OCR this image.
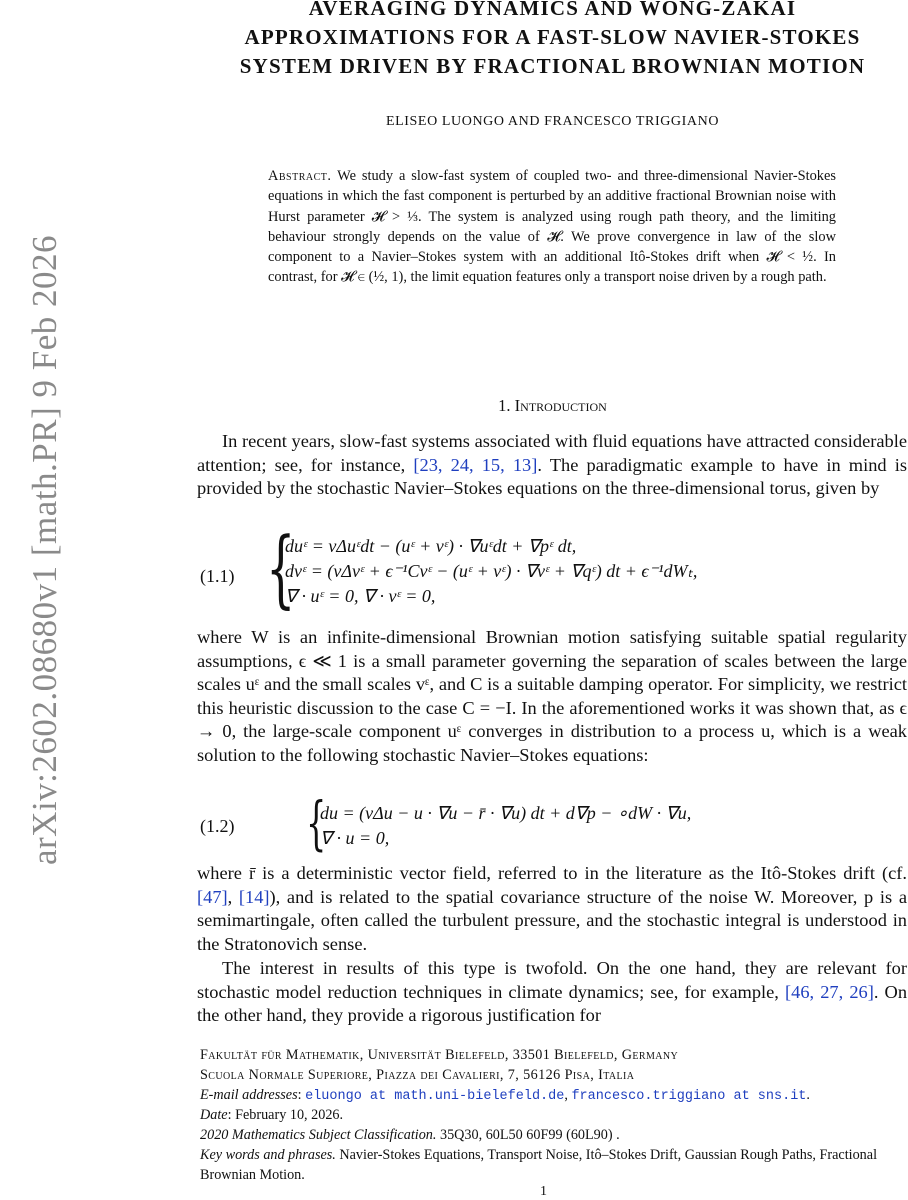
arXiv:2602.08680v1 [math.PR] 9 Feb 2026
AVERAGING DYNAMICS AND WONG-ZAKAI
APPROXIMATIONS FOR A FAST-SLOW NAVIER-STOKES
SYSTEM DRIVEN BY FRACTIONAL BROWNIAN MOTION
ELISEO LUONGO AND FRANCESCO TRIGGIANO
Abstract. We study a slow-fast system of coupled two- and three-dimensional Navier-Stokes equations in which the fast component is perturbed by an additive fractional Brownian noise with Hurst parameter 𝓗 > ⅓. The system is analyzed using rough path theory, and the limiting behaviour strongly depends on the value of 𝓗. We prove convergence in law of the slow component to a Navier–Stokes system with an additional Itô-Stokes drift when 𝓗 < ½. In contrast, for 𝓗 ∈ (½, 1), the limit equation features only a transport noise driven by a rough path.
1. Introduction

In recent years, slow-fast systems associated with fluid equations have attracted considerable attention; see, for instance, [23, 24, 15, 13]. The paradigmatic example to have in mind is provided by the stochastic Navier–Stokes equations on the three-dimensional torus, given by

(1.1) {
duᵋ = νΔuᵋdt − (uᵋ + vᵋ) · ∇uᵋdt + ∇pᵋ dt,
dvᵋ = (νΔvᵋ + ϵ⁻¹Cvᵋ − (uᵋ + vᵋ) · ∇vᵋ + ∇qᵋ) dt + ϵ⁻¹dWₜ,
∇ · uᵋ = 0, ∇ · vᵋ = 0,

where W is an infinite-dimensional Brownian motion satisfying suitable spatial regularity assumptions, ϵ ≪ 1 is a small parameter governing the separation of scales between the large scales uᵋ and the small scales vᵋ, and C is a suitable damping operator. For simplicity, we restrict this heuristic discussion to the case C = −I. In the aforementioned works it was shown that, as ϵ → 0, the large-scale component uᵋ converges in distribution to a process u, which is a weak solution to the following stochastic Navier–Stokes equations:

(1.2) {
du = (νΔu − u · ∇u − r̄ · ∇u) dt + d∇p − ∘dW · ∇u,
∇ · u = 0,

where r̄ is a deterministic vector field, referred to in the literature as the Itô-Stokes drift (cf. [47], [14]), and is related to the spatial covariance structure of the noise W. Moreover, p is a semimartingale, often called the turbulent pressure, and the stochastic integral is understood in the Stratonovich sense.

The interest in results of this type is twofold. On the one hand, they are relevant for stochastic model reduction techniques in climate dynamics; see, for example, [46, 27, 26]. On the other hand, they provide a rigorous justification for

Fakultät für Mathematik, Universität Bielefeld, 33501 Bielefeld, Germany
Scuola Normale Superiore, Piazza dei Cavalieri, 7, 56126 Pisa, Italia
E-mail addresses: eluongo at math.uni-bielefeld.de, francesco.triggiano at sns.it.
Date: February 10, 2026.
2020 Mathematics Subject Classification. 35Q30, 60L50 60F99 (60L90) .
Key words and phrases. Navier-Stokes Equations, Transport Noise, Itô–Stokes Drift, Gaussian Rough Paths, Fractional Brownian Motion.
1
